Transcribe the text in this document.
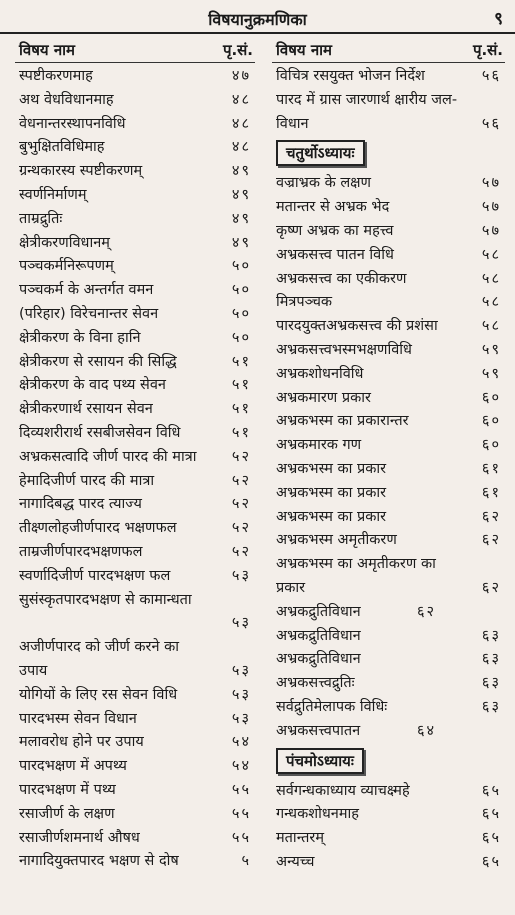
विषयानुक्रमणिका	९
विषय नाम	पृ.सं.
स्पष्टीकरणमाह	४७
अथ वेधविधानमाह	४८
वेधनान्तरस्थापनविधि	४८
बुभुक्षितविधिमाह	४८
ग्रन्थकारस्य स्पष्टीकरणम्	४९
स्वर्णनिर्माणम्	४९
ताम्रद्रुतिः	४९
क्षेत्रीकरणविधानम्	४९
पञ्चकर्मनिरूपणम्	५०
पञ्चकर्म के अन्तर्गत वमन	५०
(परिहार) विरेचनान्तर सेवन	५०
क्षेत्रीकरण के विना हानि	५०
क्षेत्रीकरण से रसायन की सिद्धि	५१
क्षेत्रीकरण के वाद पथ्य सेवन	५१
क्षेत्रीकरणार्थ रसायन सेवन	५१
दिव्यशरीरार्थ रसबीजसेवन विधि	५१
अभ्रकसत्वादि जीर्ण पारद की मात्रा ५२
हेमादिजीर्ण पारद की मात्रा	५२
नागादिबद्ध पारद त्याज्य	५२
तीक्ष्णलोहजीर्णपारद भक्षणफल	५२
ताम्रजीर्णपारदभक्षणफल	५२
स्वर्णादिजीर्ण पारदभक्षण फल	५३
सुसंस्कृतपारदभक्षण से कामान्धता
५३
अजीर्णपारद को जीर्ण करने का उपाय	५३
योगियों के लिए रस सेवन विधि	५३
पारदभस्म सेवन विधान	५३
मलावरोध होने पर उपाय	५४
पारदभक्षण में अपथ्य	५४
पारदभक्षण में पथ्य	५५
रसाजीर्ण के लक्षण	५५
रसाजीर्णशमनार्थ औषध	५५
नागादियुक्तपारद भक्षण से दोष	५
विषय नाम	पृ.सं.
विचित्र रसयुक्त भोजन निर्देश	५६
पारद में ग्रास जारणार्थ क्षारीय जल-विधान	५६
चतुर्थोऽध्यायः
वज्राभ्रक के लक्षण	५७
मतान्तर से अभ्रक भेद	५७
कृष्ण अभ्रक का महत्त्व	५७
अभ्रकसत्त्व पातन विधि	५८
अभ्रकसत्त्व का एकीकरण	५८
मित्रपञ्चक	५८
पारदयुक्तअभ्रकसत्त्व की प्रशंसा	५८
अभ्रकसत्त्वभस्मभक्षणविधि	५९
अभ्रकशोधनविधि	५९
अभ्रकमारण प्रकार	६०
अभ्रकभस्म का प्रकारान्तर	६०
अभ्रकमारक गण	६०
अभ्रकभस्म का प्रकार	६१
अभ्रकभस्म का प्रकार	६१
अभ्रकभस्म का प्रकार	६२
अभ्रकभस्म अमृतीकरण	६२
अभ्रकभस्म का अमृतीकरण का प्रकार	६२
अभ्रकद्रुतिविधान	६२
अभ्रकद्रुतिविधान	६३
अभ्रकद्रुतिविधान	६३
अभ्रकसत्त्वद्रुतिः	६३
सर्वद्रुतिमेलापक विधिः	६३
अभ्रकसत्त्वपातन	६४
पंचमोऽध्यायः
सर्वगन्धकाध्याय व्याचक्ष्महे	६५
गन्धकशोधनमाह	६५
मतान्तरम्	६५
अन्यच्च	६५
